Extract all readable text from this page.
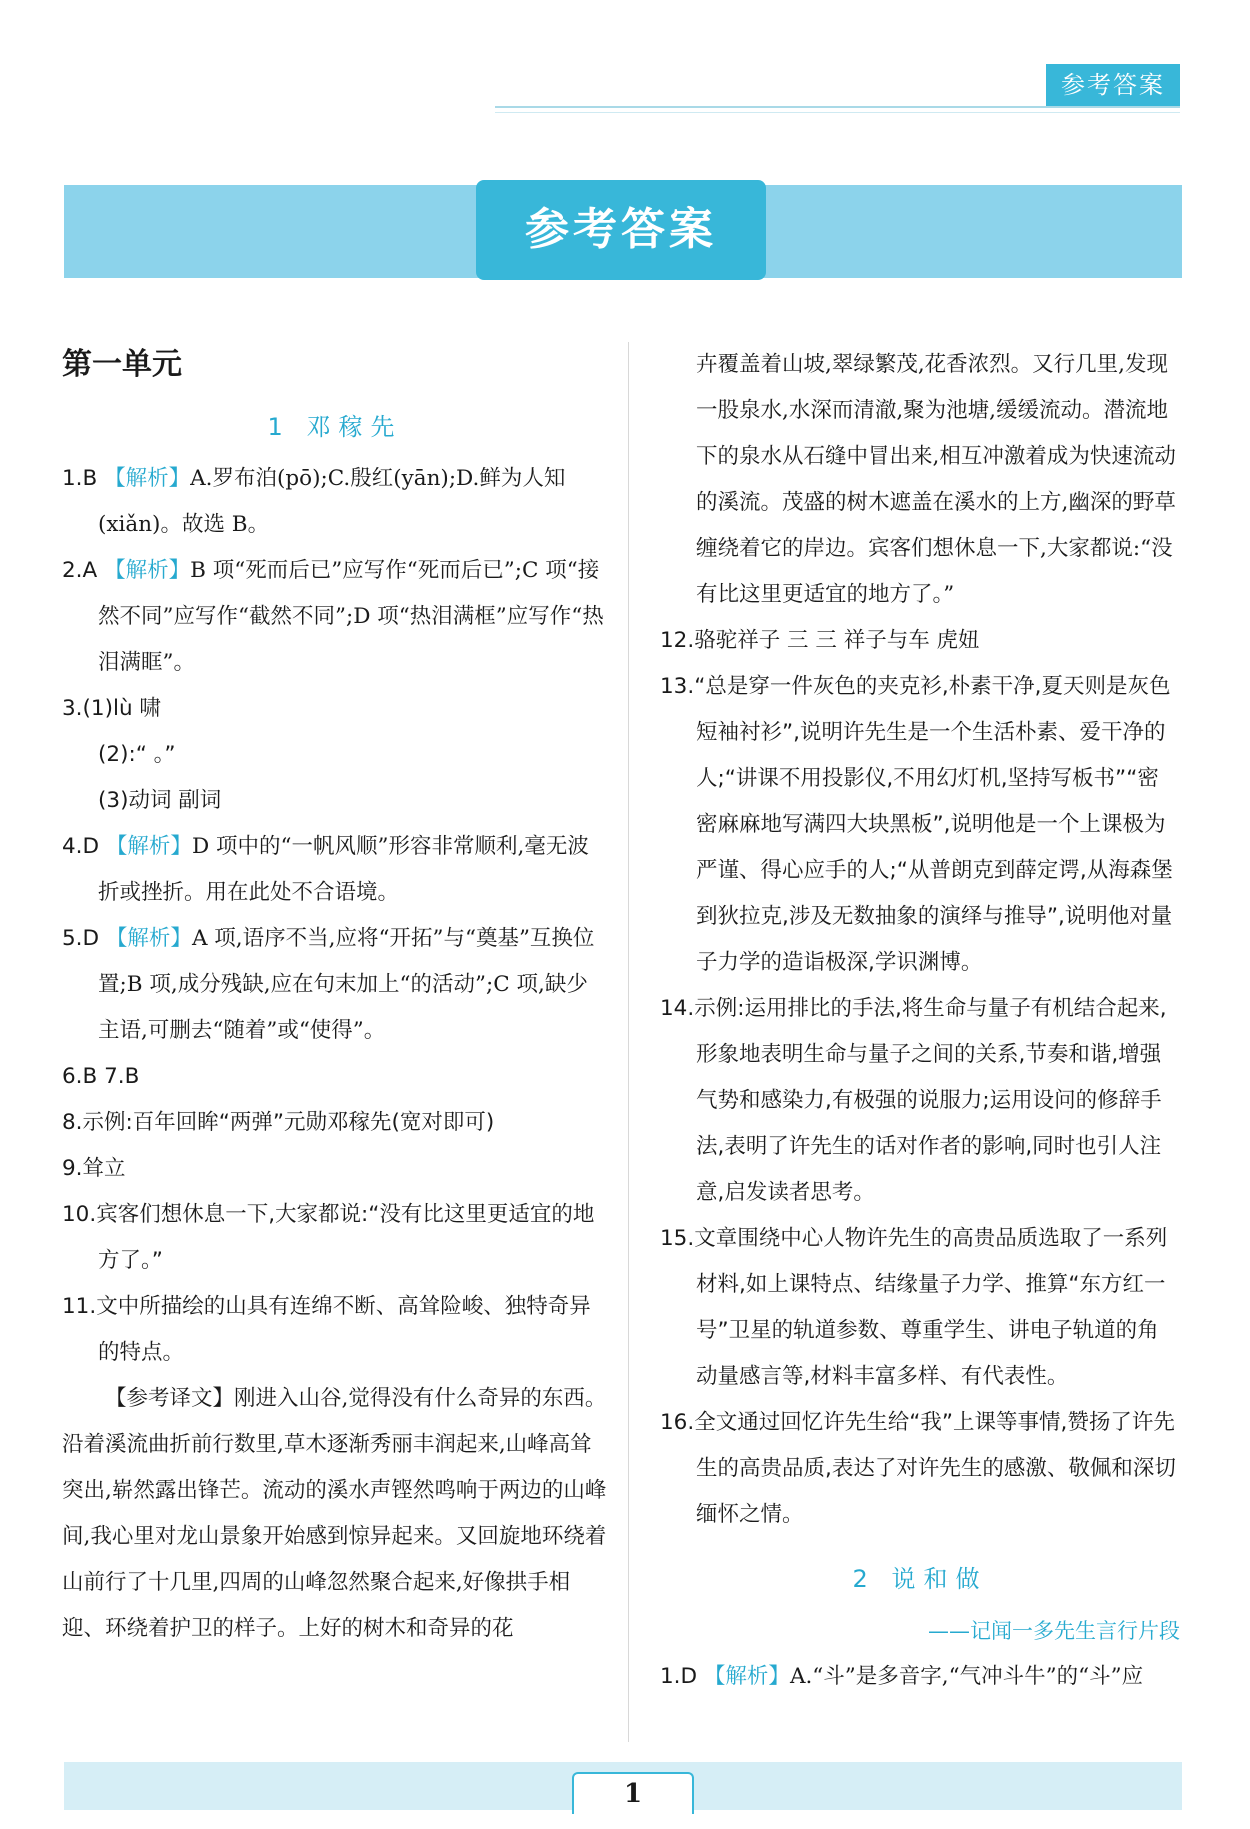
参考答案
参考答案
第一单元
1 邓稼先
1.B 【解析】A.罗布泊(pō);C.殷红(yān);D.鲜为人知(xiǎn)。故选 B。
2.A 【解析】B 项“死而后已”应写作“死而后已”;C 项“接然不同”应写作“截然不同”;D 项“热泪满框”应写作“热泪满眶”。
3.(1)lù 啸
(2):“ 。”
(3)动词 副词
4.D 【解析】D 项中的“一帆风顺”形容非常顺利,毫无波折或挫折。用在此处不合语境。
5.D 【解析】A 项,语序不当,应将“开拓”与“奠基”互换位置;B 项,成分残缺,应在句末加上“的活动”;C 项,缺少主语,可删去“随着”或“使得”。
6.B 7.B
8.示例:百年回眸“两弹”元勋邓稼先(宽对即可)
9.耸立
10.宾客们想休息一下,大家都说:“没有比这里更适宜的地方了。”
11.文中所描绘的山具有连绵不断、高耸险峻、独特奇异的特点。
【参考译文】刚进入山谷,觉得没有什么奇异的东西。沿着溪流曲折前行数里,草木逐渐秀丽丰润起来,山峰高耸突出,崭然露出锋芒。流动的溪水声铿然鸣响于两边的山峰间,我心里对龙山景象开始感到惊异起来。又回旋地环绕着山前行了十几里,四周的山峰忽然聚合起来,好像拱手相迎、环绕着护卫的样子。上好的树木和奇异的花
卉覆盖着山坡,翠绿繁茂,花香浓烈。又行几里,发现一股泉水,水深而清澈,聚为池塘,缓缓流动。潜流地下的泉水从石缝中冒出来,相互冲激着成为快速流动的溪流。茂盛的树木遮盖在溪水的上方,幽深的野草缠绕着它的岸边。宾客们想休息一下,大家都说:“没有比这里更适宜的地方了。”
12.骆驼祥子 三 三 祥子与车 虎妞
13.“总是穿一件灰色的夹克衫,朴素干净,夏天则是灰色短袖衬衫”,说明许先生是一个生活朴素、爱干净的人;“讲课不用投影仪,不用幻灯机,坚持写板书”“密密麻麻地写满四大块黑板”,说明他是一个上课极为严谨、得心应手的人;“从普朗克到薛定谔,从海森堡到狄拉克,涉及无数抽象的演绎与推导”,说明他对量子力学的造诣极深,学识渊博。
14.示例:运用排比的手法,将生命与量子有机结合起来,形象地表明生命与量子之间的关系,节奏和谐,增强气势和感染力,有极强的说服力;运用设问的修辞手法,表明了许先生的话对作者的影响,同时也引人注意,启发读者思考。
15.文章围绕中心人物许先生的高贵品质选取了一系列材料,如上课特点、结缘量子力学、推算“东方红一号”卫星的轨道参数、尊重学生、讲电子轨道的角动量感言等,材料丰富多样、有代表性。
16.全文通过回忆许先生给“我”上课等事情,赞扬了许先生的高贵品质,表达了对许先生的感激、敬佩和深切缅怀之情。
2 说和做
——记闻一多先生言行片段
1.D 【解析】A.“斗”是多音字,“气冲斗牛”的“斗”应
1
